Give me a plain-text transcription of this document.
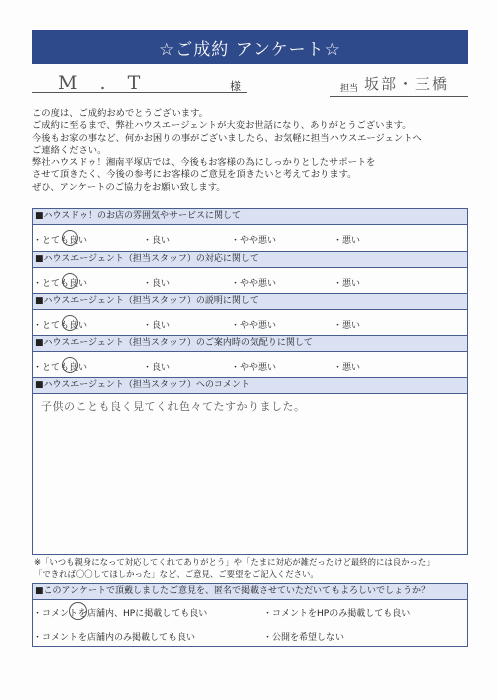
☆ご成約 アンケート☆
M . T	様	担当 坂部・三橋
この度は、ご成約おめでとうございます。
ご成約に至るまで、弊社ハウスエージェントが大変お世話になり、ありがとうございます。
今後もお家の事など、何かお困りの事がございましたら、お気軽に担当ハウスエージェントへ
ご連絡ください。
弊社ハウスドゥ！湘南平塚店では、今後もお客様の為にしっかりとしたサポートを
させて頂きたく、今後の参考にお客様のご意見を頂きたいと考えております。
ぜひ、アンケートのご協力をお願い致します。
■ハウスドゥ！のお店の雰囲気やサービスに関して
・とても良い	・良い	・やや悪い	・悪い
■ハウスエージェント（担当スタッフ）の対応に関して
・とても良い	・良い	・やや悪い	・悪い
■ハウスエージェント（担当スタッフ）の説明に関して
・とても良い	・良い	・やや悪い	・悪い
■ハウスエージェント（担当スタッフ）のご案内時の気配りに関して
・とても良い	・良い	・やや悪い	・悪い
■ハウスエージェント（担当スタッフ）へのコメント
子供のことも良く見てくれ色々てたすかりました。
※「いつも親身になって対応してくれてありがとう」や「たまに対応が雑だったけど最終的には良かった」
「できれば〇〇してほしかった」など、ご意見、ご要望をご記入ください。
■このアンケートで頂戴しましたご意見を、匿名で掲載させていただいてもよろしいでしょうか？
・コメントを店舗内、HPに掲載しても良い	・コメントをHPのみ掲載しても良い
・コメントを店舗内のみ掲載しても良い	・公開を希望しない
